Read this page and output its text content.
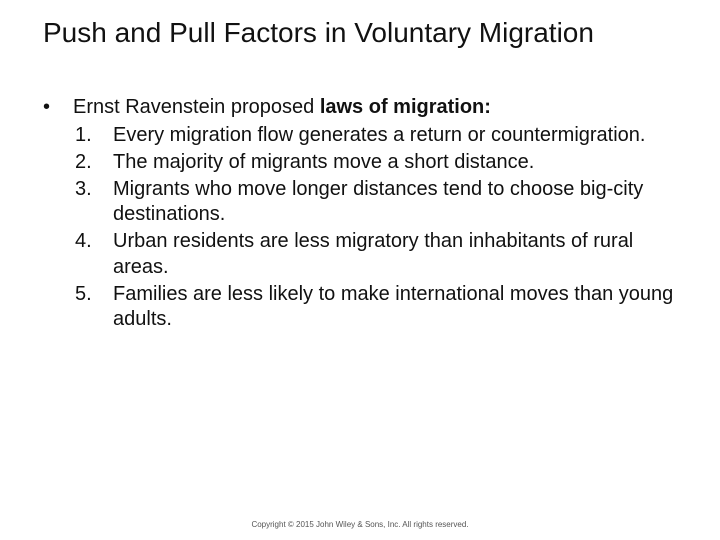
Push and Pull Factors in Voluntary Migration
•	Ernst Ravenstein proposed laws of migration:
1.	Every migration flow generates a return or countermigration.
2.	The majority of migrants move a short distance.
3.	Migrants who move longer distances tend to choose big-city destinations.
4.	Urban residents are less migratory than inhabitants of rural areas.
5.	Families are less likely to make international moves than young adults.
Copyright © 2015 John Wiley & Sons, Inc. All rights reserved.
